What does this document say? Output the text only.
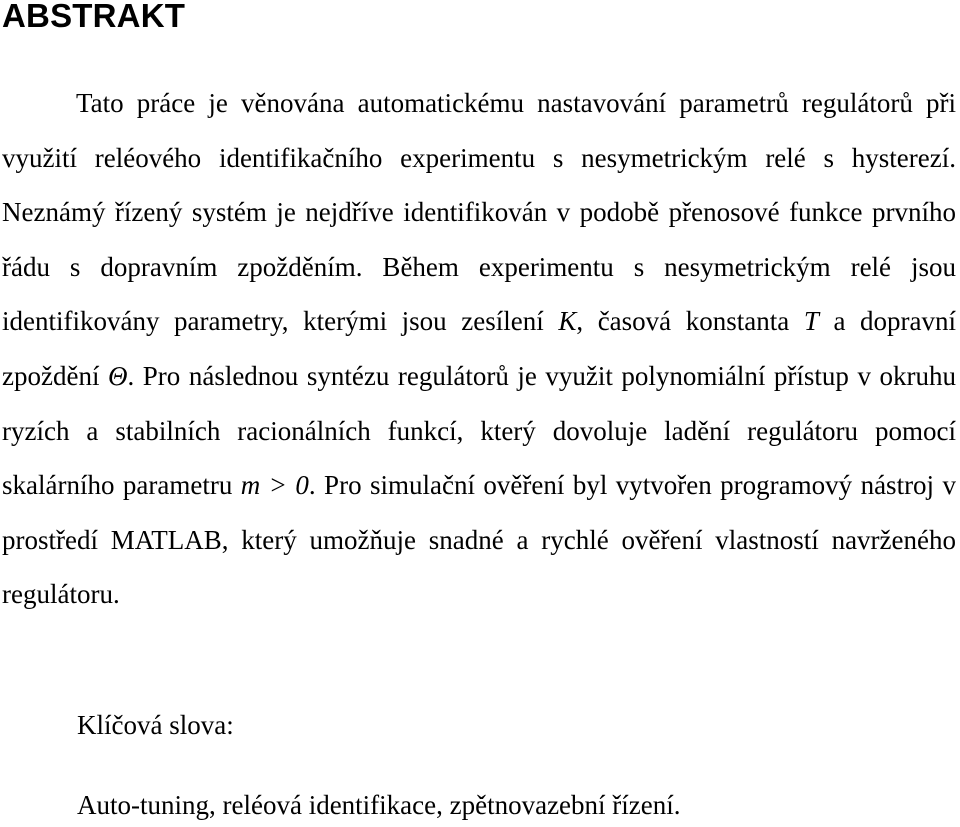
ABSTRAKT

Tato práce je věnována automatickému nastavování parametrů regulátorů při využití reléového identifikačního experimentu s nesymetrickým relé s hysterezí. Neznámý řízený systém je nejdříve identifikován v podobě přenosové funkce prvního řádu s dopravním zpožděním. Během experimentu s nesymetrickým relé jsou identifikovány parametry, kterými jsou zesílení K, časová konstanta T a dopravní zpoždění Θ. Pro následnou syntézu regulátorů je využit polynomiální přístup v okruhu ryzích a stabilních racionálních funkcí, který dovoluje ladění regulátoru pomocí skalárního parametru m > 0. Pro simulační ověření byl vytvořen programový nástroj v prostředí MATLAB, který umožňuje snadné a rychlé ověření vlastností navrženého regulátoru.

Klíčová slova:

Auto-tuning, reléová identifikace, zpětnovazební řízení.
